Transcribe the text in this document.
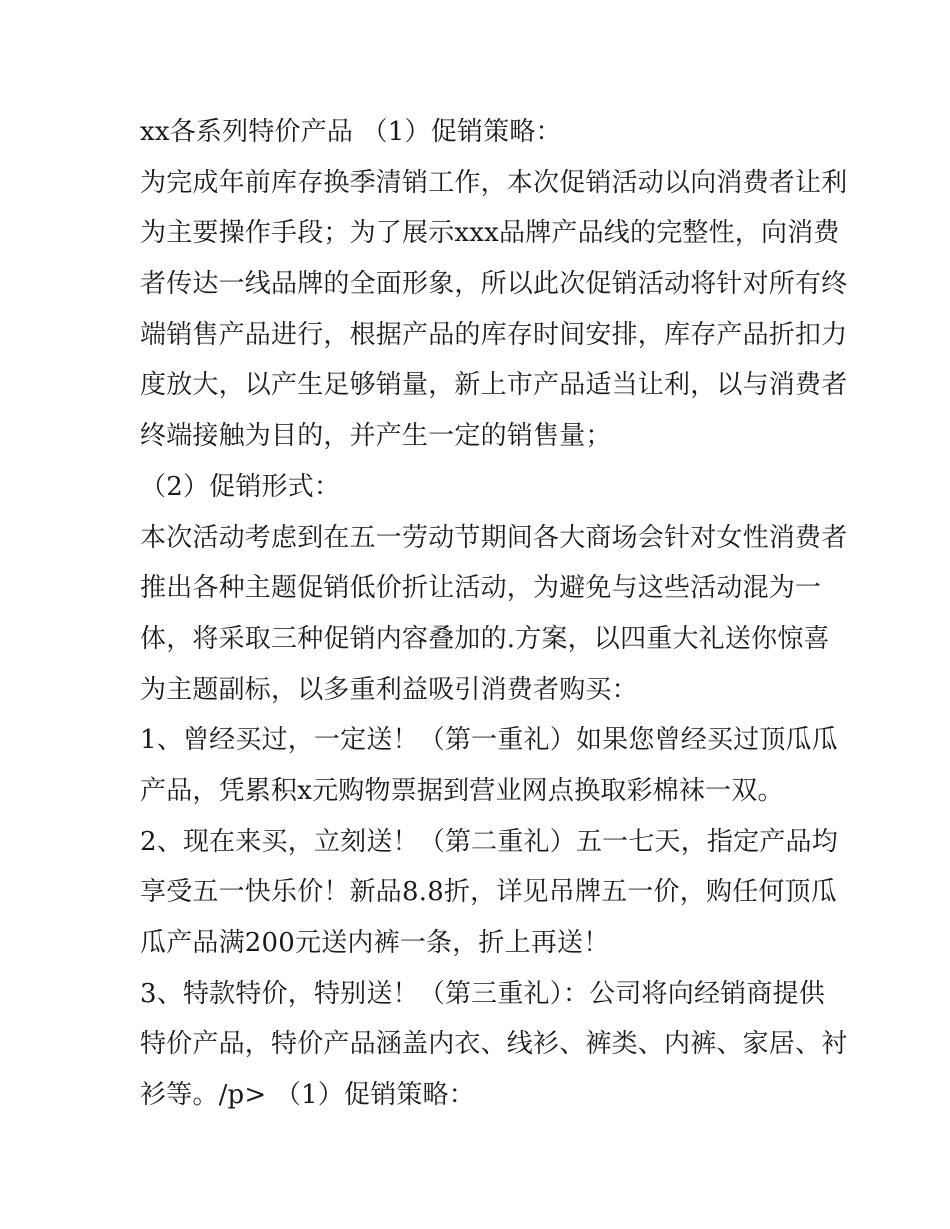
xx各系列特价产品 （1）促销策略：
为完成年前库存换季清销工作，本次促销活动以向消费者让利
为主要操作手段；为了展示xxx品牌产品线的完整性，向消费
者传达一线品牌的全面形象，所以此次促销活动将针对所有终
端销售产品进行，根据产品的库存时间安排，库存产品折扣力
度放大，以产生足够销量，新上市产品适当让利，以与消费者
终端接触为目的，并产生一定的销售量；
（2）促销形式：
本次活动考虑到在五一劳动节期间各大商场会针对女性消费者
推出各种主题促销低价折让活动，为避免与这些活动混为一
体，将采取三种促销内容叠加的.方案，以四重大礼送你惊喜
为主题副标，以多重利益吸引消费者购买：
1、曾经买过，一定送！（第一重礼）如果您曾经买过顶瓜瓜
产品，凭累积x元购物票据到营业网点换取彩棉袜一双。
2、现在来买，立刻送！（第二重礼）五一七天，指定产品均
享受五一快乐价！新品8.8折，详见吊牌五一价，购任何顶瓜
瓜产品满200元送内裤一条，折上再送！
3、特款特价，特别送！（第三重礼）：公司将向经销商提供
特价产品，特价产品涵盖内衣、线衫、裤类、内裤、家居、衬
衫等。/p> （1）促销策略：
